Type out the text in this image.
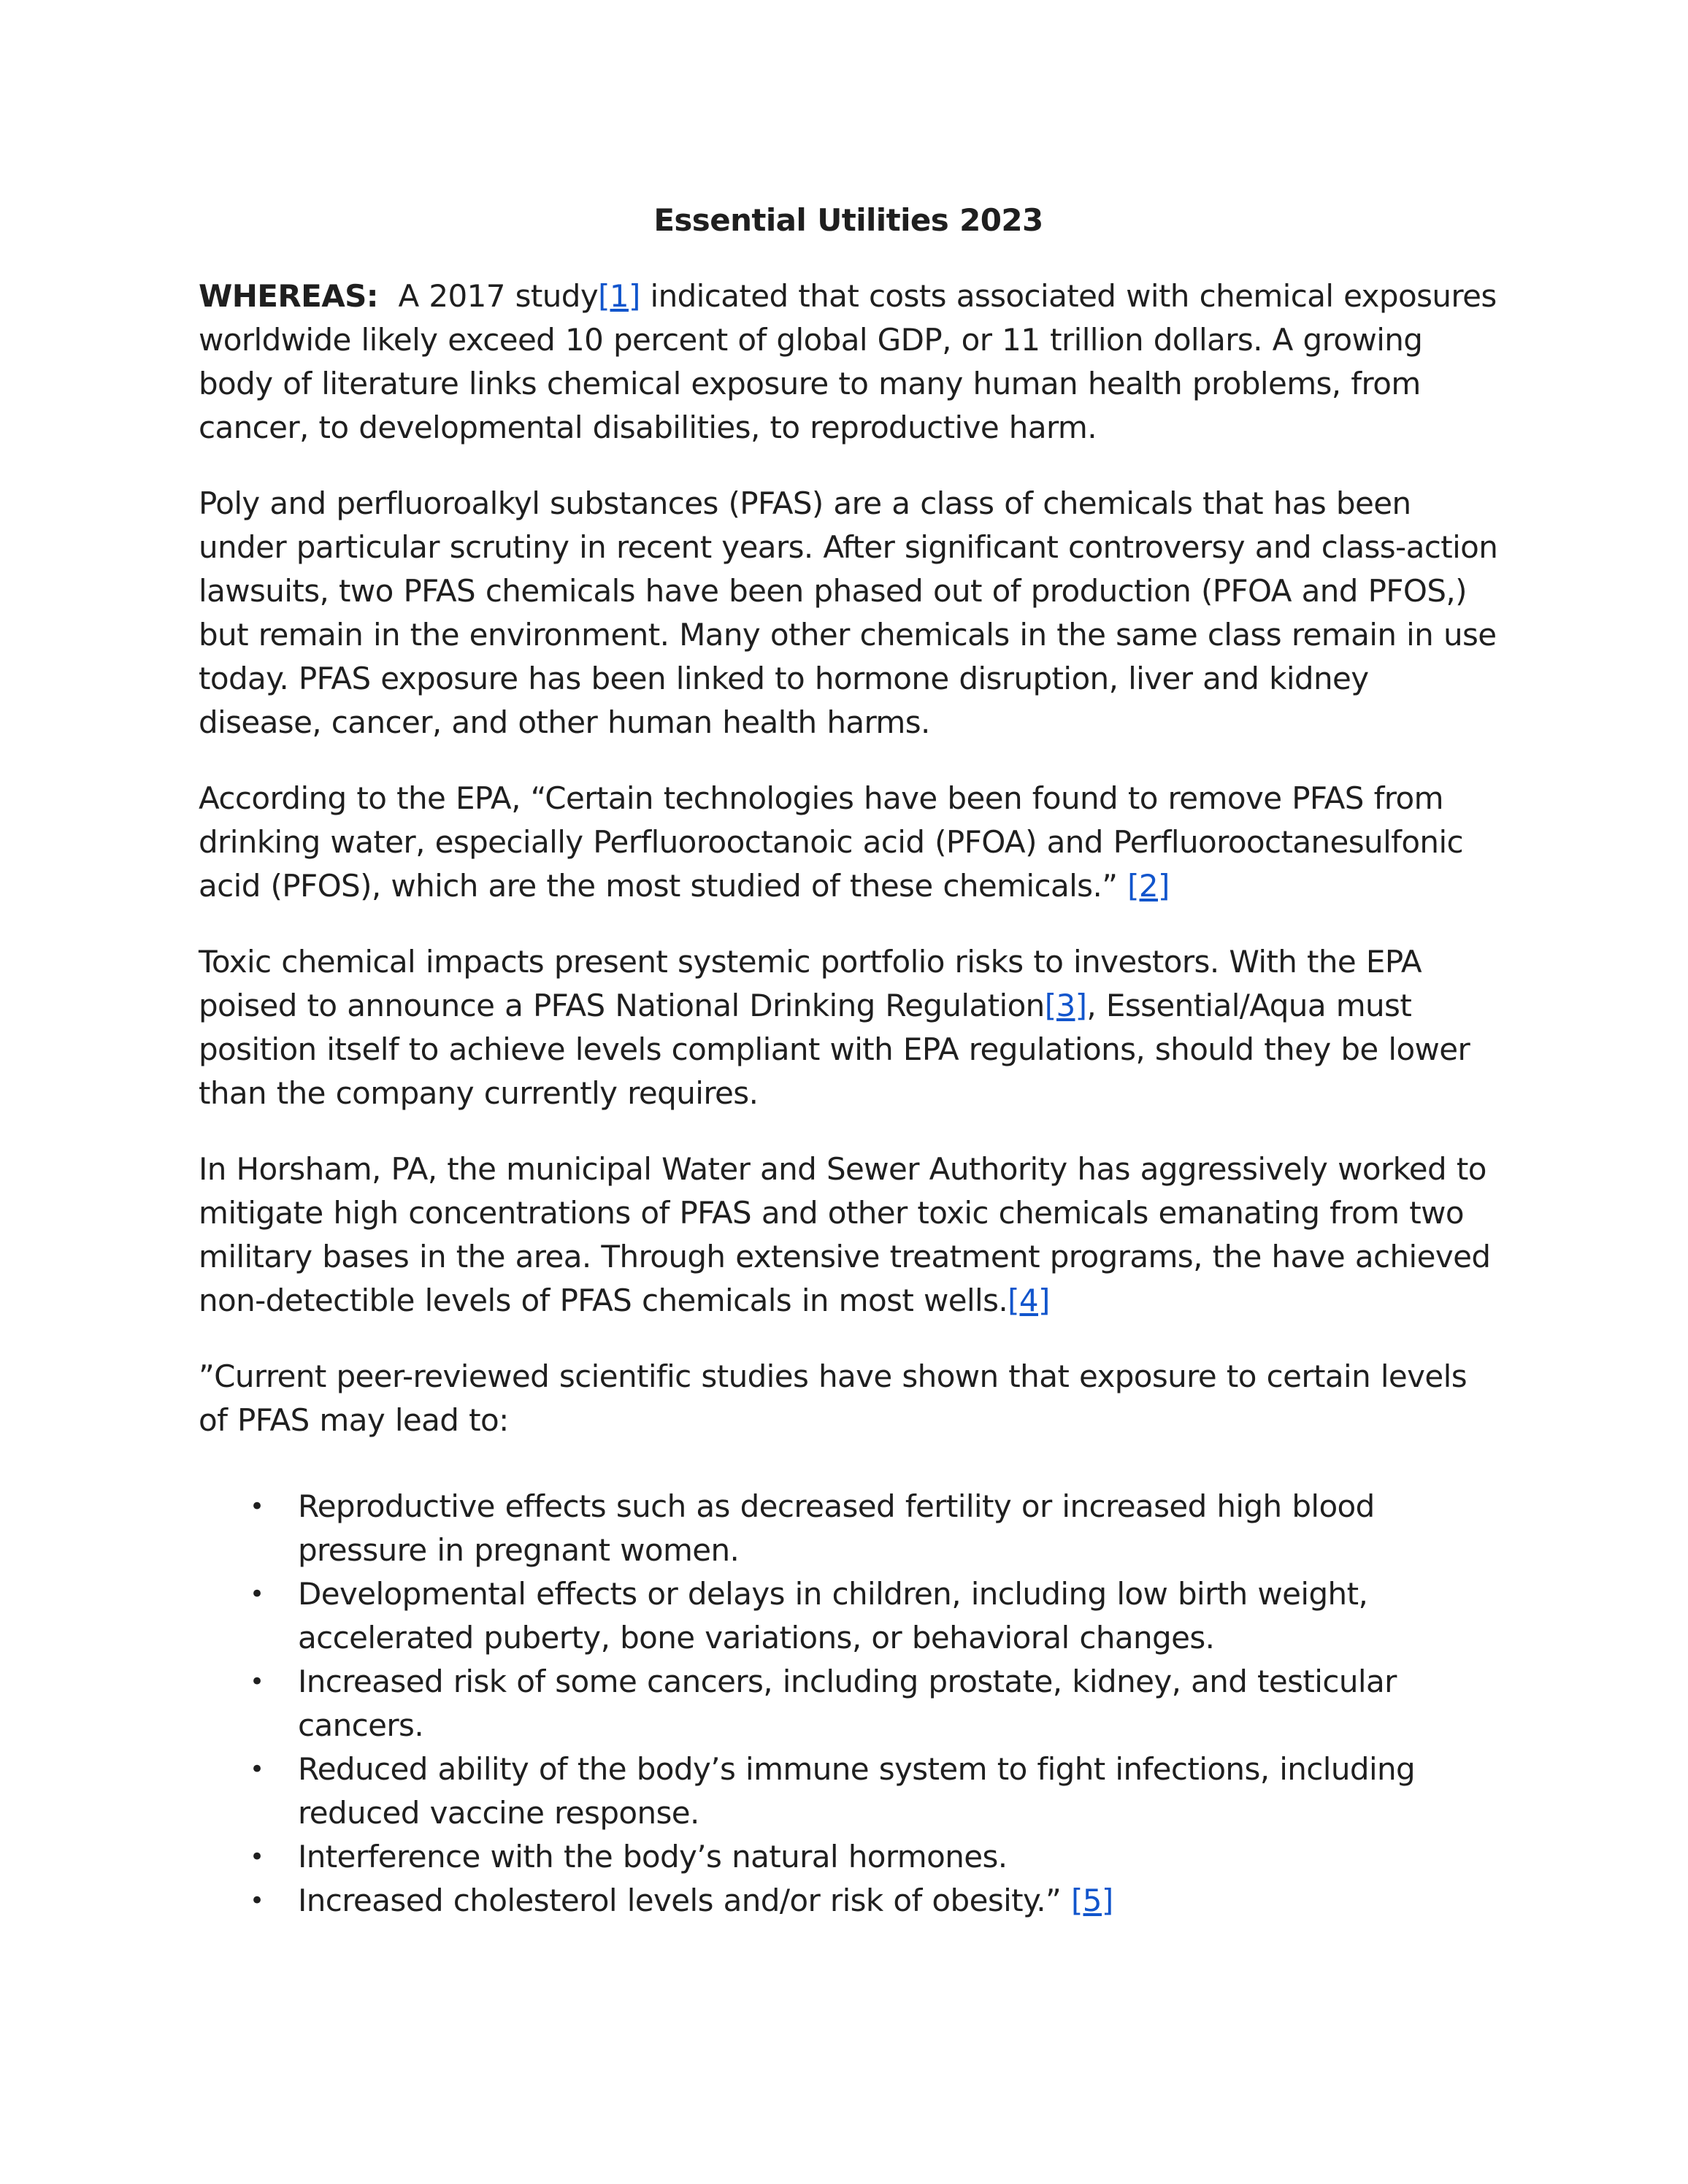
Essential Utilities 2023

WHEREAS: A 2017 study[1] indicated that costs associated with chemical exposures worldwide likely exceed 10 percent of global GDP, or 11 trillion dollars. A growing body of literature links chemical exposure to many human health problems, from cancer, to developmental disabilities, to reproductive harm.

Poly and perfluoroalkyl substances (PFAS) are a class of chemicals that has been under particular scrutiny in recent years. After significant controversy and class-action lawsuits, two PFAS chemicals have been phased out of production (PFOA and PFOS,) but remain in the environment. Many other chemicals in the same class remain in use today. PFAS exposure has been linked to hormone disruption, liver and kidney disease, cancer, and other human health harms.

According to the EPA, “Certain technologies have been found to remove PFAS from drinking water, especially Perfluorooctanoic acid (PFOA) and Perfluorooctanesulfonic acid (PFOS), which are the most studied of these chemicals.” [2]

Toxic chemical impacts present systemic portfolio risks to investors. With the EPA poised to announce a PFAS National Drinking Regulation[3], Essential/Aqua must position itself to achieve levels compliant with EPA regulations, should they be lower than the company currently requires.

In Horsham, PA, the municipal Water and Sewer Authority has aggressively worked to mitigate high concentrations of PFAS and other toxic chemicals emanating from two military bases in the area. Through extensive treatment programs, the have achieved non-detectible levels of PFAS chemicals in most wells.[4]

”Current peer-reviewed scientific studies have shown that exposure to certain levels of PFAS may lead to:

• Reproductive effects such as decreased fertility or increased high blood pressure in pregnant women.
• Developmental effects or delays in children, including low birth weight, accelerated puberty, bone variations, or behavioral changes.
• Increased risk of some cancers, including prostate, kidney, and testicular cancers.
• Reduced ability of the body’s immune system to fight infections, including reduced vaccine response.
• Interference with the body’s natural hormones.
• Increased cholesterol levels and/or risk of obesity.” [5]
